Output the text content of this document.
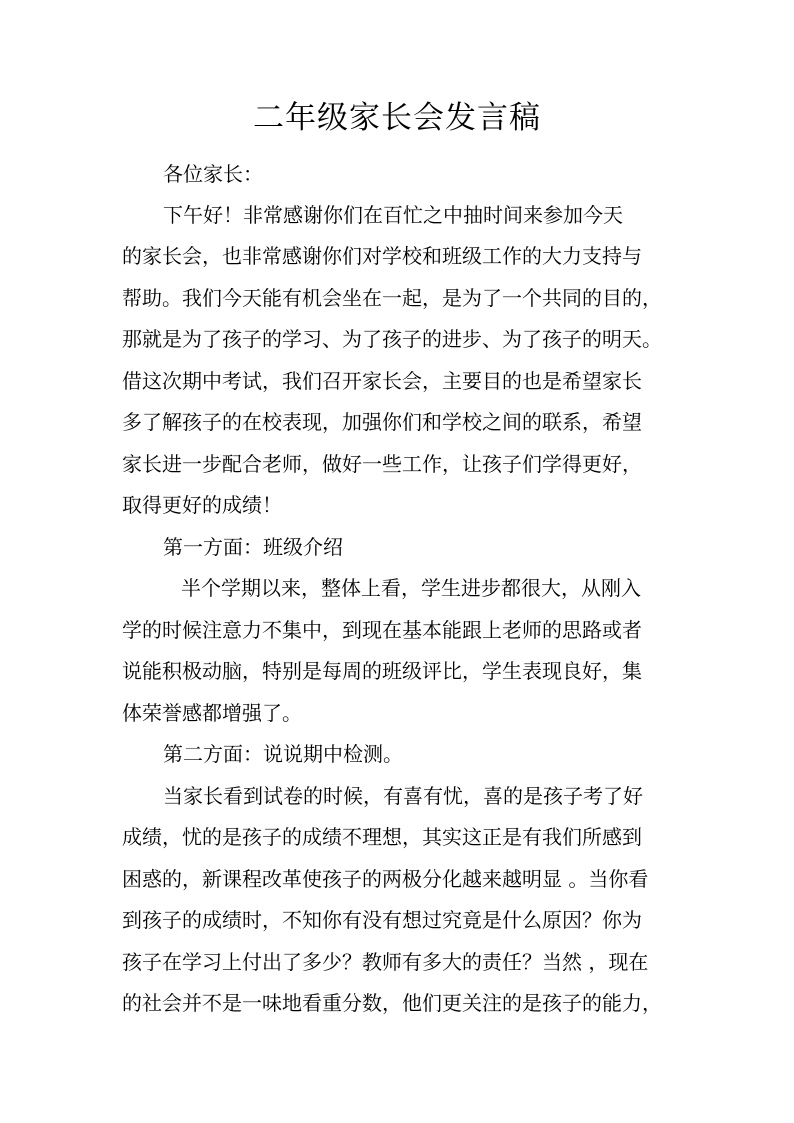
二年级家长会发言稿

各位家长：

下午好！非常感谢你们在百忙之中抽时间来参加今天

的家长会，也非常感谢你们对学校和班级工作的大力支持与

帮助。我们今天能有机会坐在一起，是为了一个共同的目的，

那就是为了孩子的学习、为了孩子的进步、为了孩子的明天。

借这次期中考试，我们召开家长会，主要目的也是希望家长

多了解孩子的在校表现，加强你们和学校之间的联系，希望

家长进一步配合老师，做好一些工作，让孩子们学得更好，

取得更好的成绩！

第一方面：班级介绍

半个学期以来，整体上看，学生进步都很大，从刚入

学的时候注意力不集中，到现在基本能跟上老师的思路或者

说能积极动脑，特别是每周的班级评比，学生表现良好，集

体荣誉感都增强了。

第二方面：说说期中检测。

当家长看到试卷的时候，有喜有忧，喜的是孩子考了好

成绩，忧的是孩子的成绩不理想，其实这正是有我们所感到

困惑的，新课程改革使孩子的两极分化越来越明显 。当你看

到孩子的成绩时，不知你有没有想过究竟是什么原因？你为

孩子在学习上付出了多少？教师有多大的责任？当然 ，现在

的社会并不是一味地看重分数，他们更关注的是孩子的能力，
